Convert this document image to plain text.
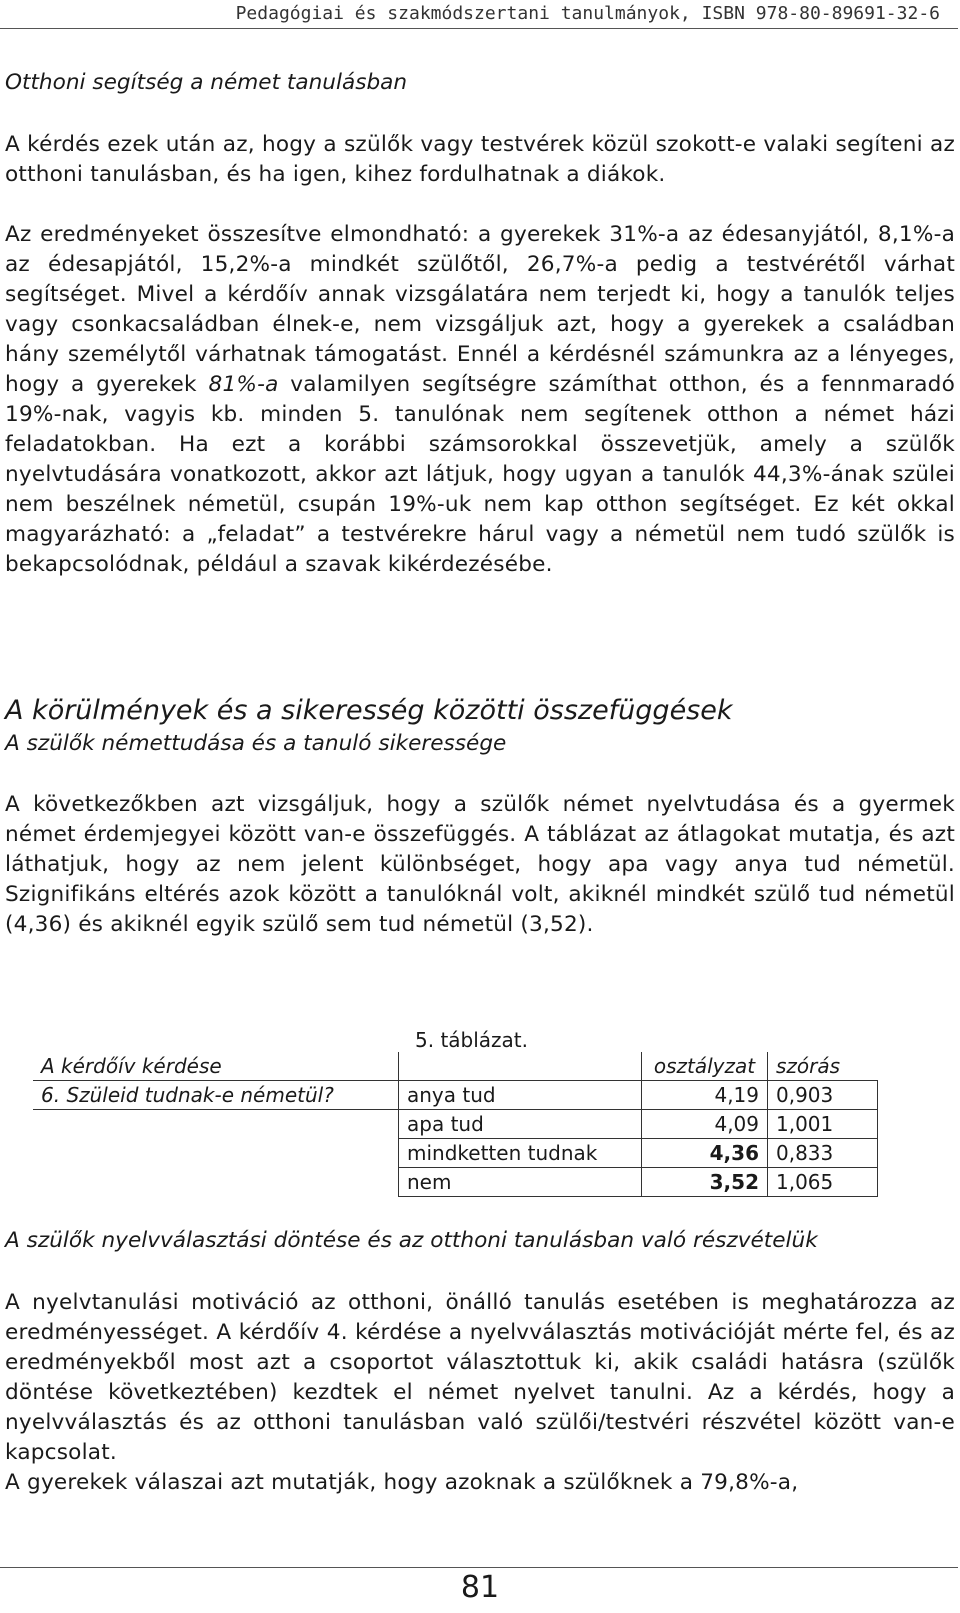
Pedagógiai és szakmódszertani tanulmányok, ISBN 978-80-89691-32-6
Otthoni segítség a német tanulásban

A kérdés ezek után az, hogy a szülők vagy testvérek közül szokott-e valaki segíteni az otthoni tanulásban, és ha igen, kihez fordulhatnak a diákok.

Az eredményeket összesítve elmondható: a gyerekek 31%-a az édesanyjától, 8,1%-a az édesapjától, 15,2%-a mindkét szülőtől, 26,7%-a pedig a testvérétől várhat segítséget. Mivel a kérdőív annak vizsgálatára nem terjedt ki, hogy a tanulók teljes vagy csonkacsaládban élnek-e, nem vizsgáljuk azt, hogy a gyerekek a családban hány személytől várhatnak támogatást. Ennél a kérdésnél számunkra az a lényeges, hogy a gyerekek 81%-a valamilyen segítségre számíthat otthon, és a fennmaradó 19%-nak, vagyis kb. minden 5. tanulónak nem segítenek otthon a német házi feladatokban. Ha ezt a korábbi számsorokkal összevetjük, amely a szülők nyelvtudására vonatkozott, akkor azt látjuk, hogy ugyan a tanulók 44,3%-ának szülei nem beszélnek németül, csupán 19%-uk nem kap otthon segítséget. Ez két okkal magyarázható: a „feladat” a testvérekre hárul vagy a németül nem tudó szülők is bekapcsolódnak, például a szavak kikérdezésébe.

A körülmények és a sikeresség közötti összefüggések
A szülők némettudása és a tanuló sikeressége

A következőkben azt vizsgáljuk, hogy a szülők német nyelvtudása és a gyermek német érdemjegyei között van-e összefüggés. A táblázat az átlagokat mutatja, és azt láthatjuk, hogy az nem jelent különbséget, hogy apa vagy anya tud németül. Szignifikáns eltérés azok között a tanulóknál volt, akiknél mindkét szülő tud németül (4,36) és akiknél egyik szülő sem tud németül (3,52).

5. táblázat.
A kérdőív kérdése		osztályzat	szórás
6. Szüleid tudnak-e németül?	anya tud	4,19	0,903
	apa tud	4,09	1,001
	mindketten tudnak	4,36	0,833
	nem	3,52	1,065
A szülők nyelvválasztási döntése és az otthoni tanulásban való részvételük

A nyelvtanulási motiváció az otthoni, önálló tanulás esetében is meghatározza az eredményességet. A kérdőív 4. kérdése a nyelvválasztás motivációját mérte fel, és az eredményekből most azt a csoportot választottuk ki, akik családi hatásra (szülők döntése következtében) kezdtek el német nyelvet tanulni. Az a kérdés, hogy a nyelvválasztás és az otthoni tanulásban való szülői/testvéri részvétel között van-e kapcsolat.

A gyerekek válaszai azt mutatják, hogy azoknak a szülőknek a 79,8%-a,

81
